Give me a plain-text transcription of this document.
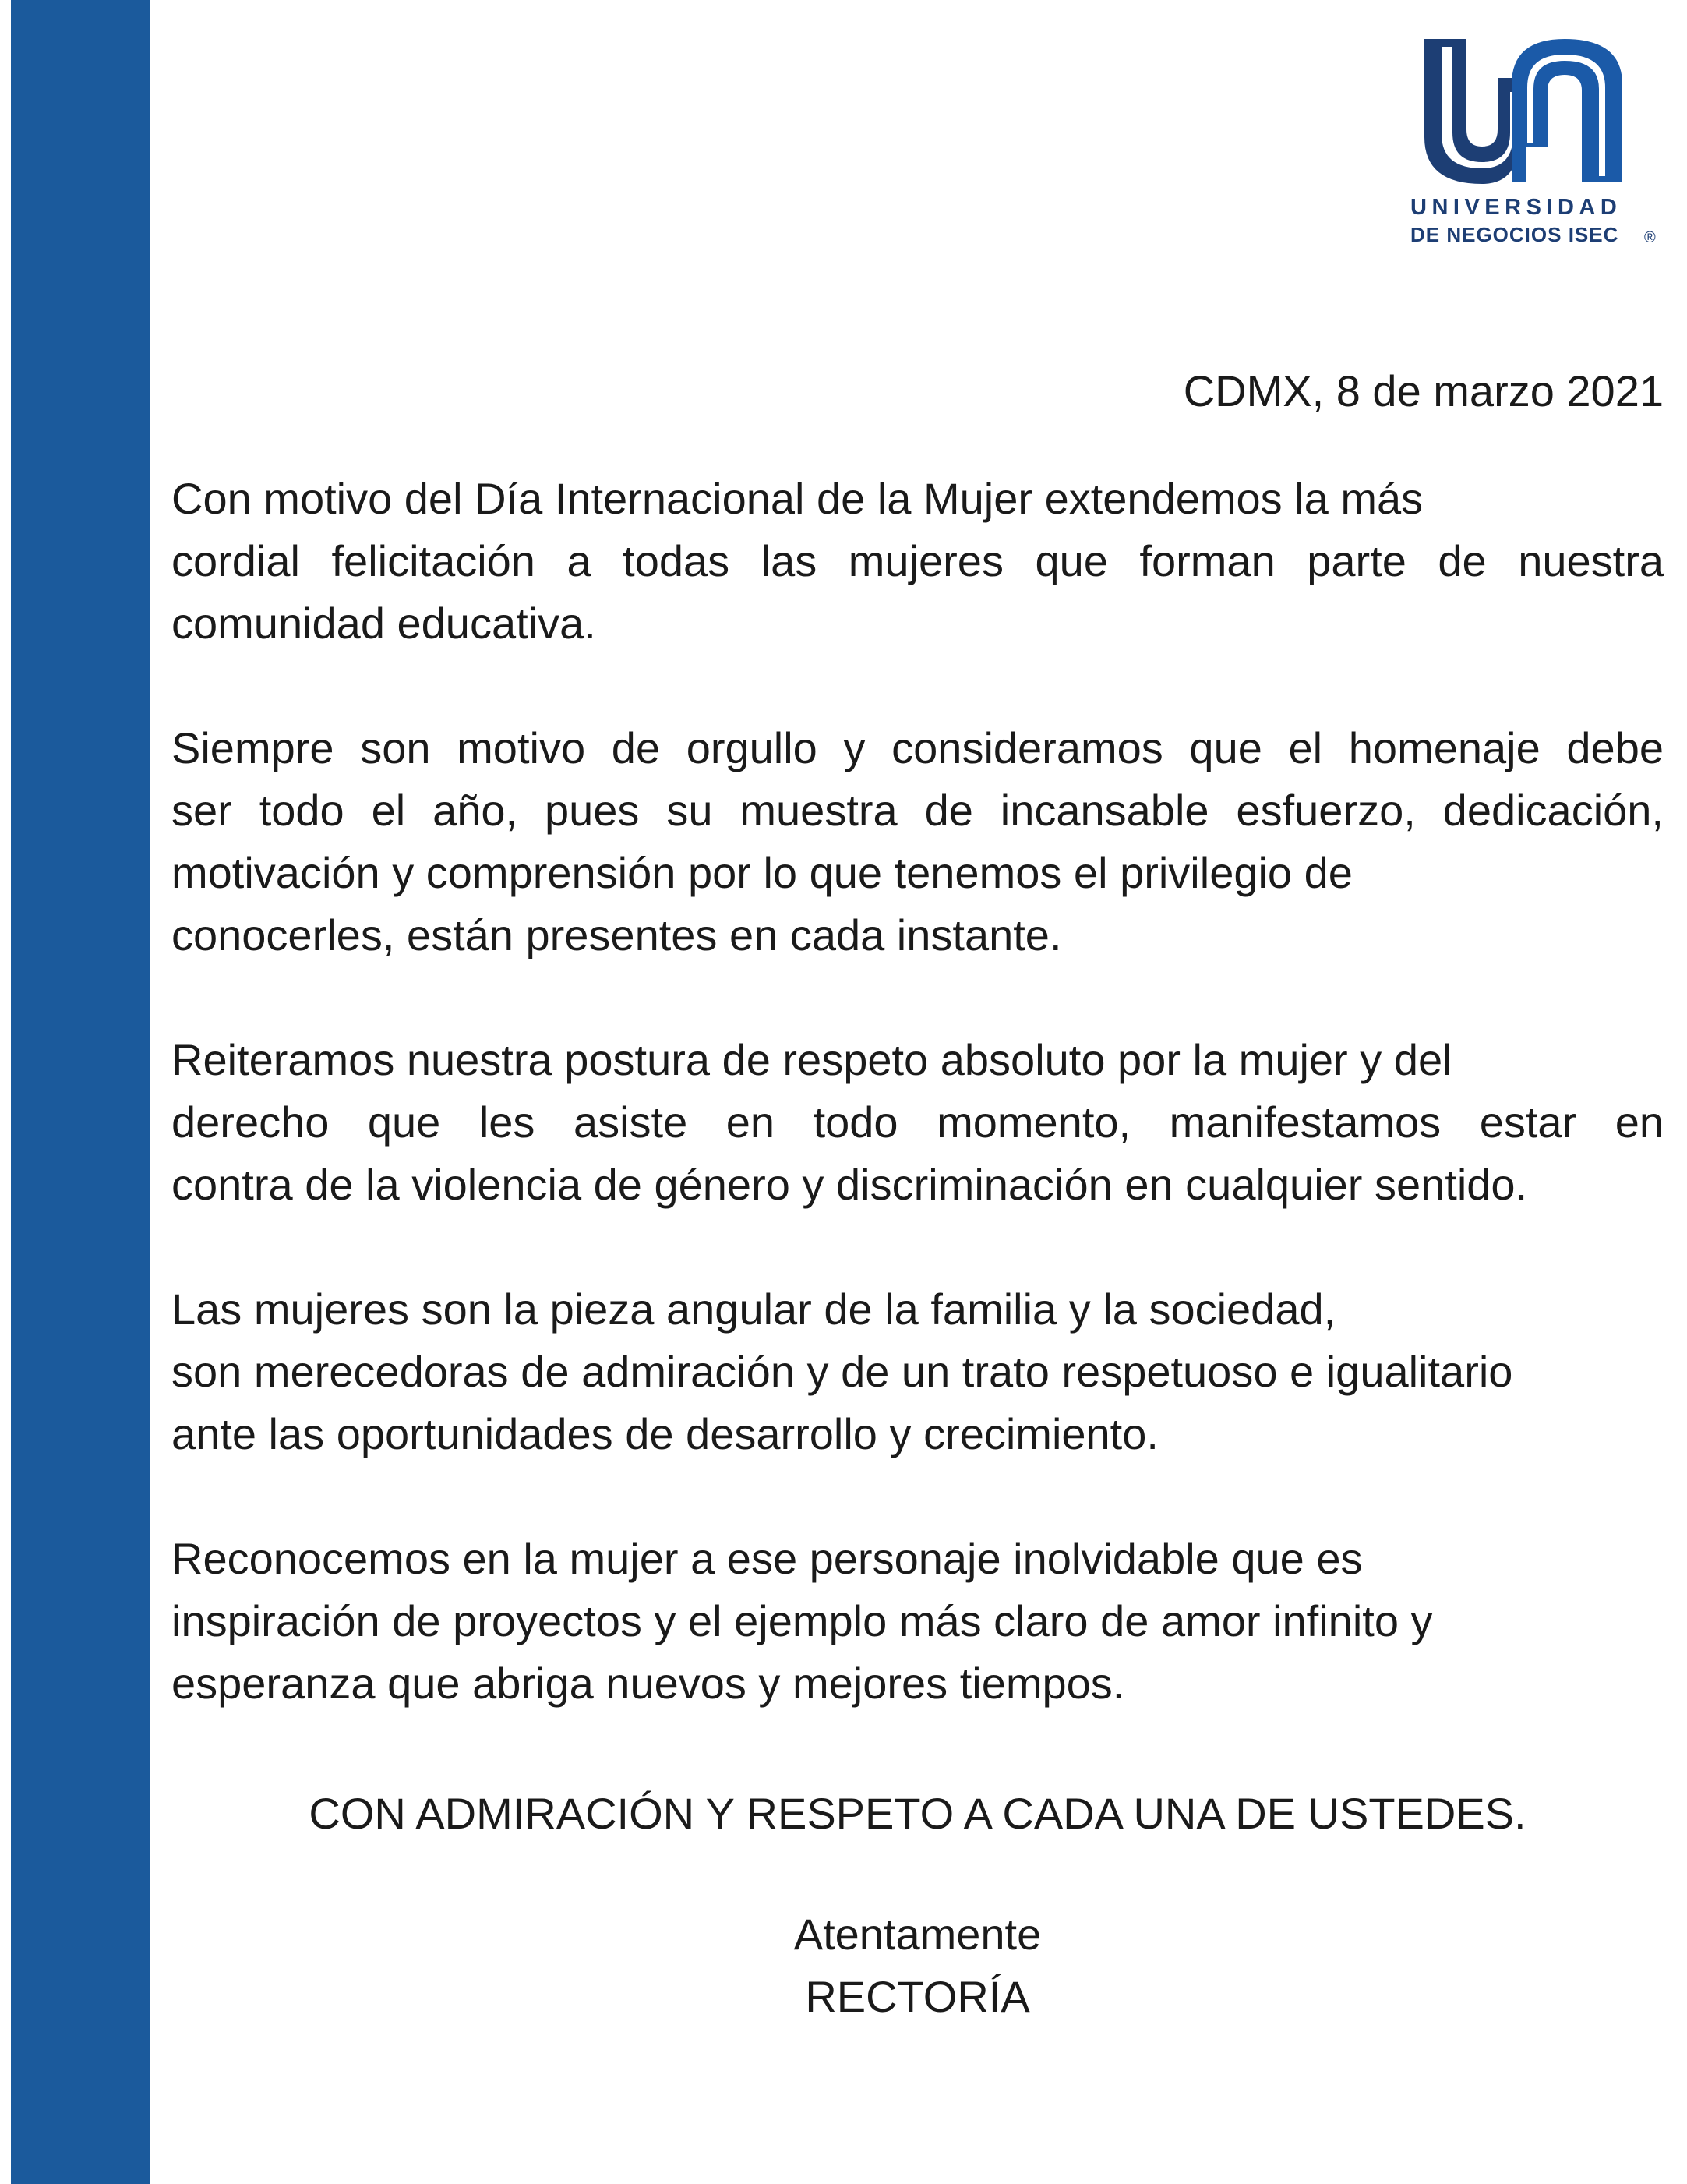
UNIVERSIDAD
DE NEGOCIOS ISEC ®
CDMX, 8 de marzo 2021
Con motivo del Día Internacional de la Mujer extendemos la más
cordial felicitación a todas las mujeres que forman parte de nuestra
comunidad educativa.
Siempre son motivo de orgullo y consideramos que el homenaje debe
ser todo el año, pues su muestra de incansable esfuerzo, dedicación,
motivación y comprensión por lo que tenemos el privilegio de
conocerles, están presentes en cada instante.
Reiteramos nuestra postura de respeto absoluto por la mujer y del
derecho que les asiste en todo momento, manifestamos estar en
contra de la violencia de género y discriminación en cualquier sentido.
Las mujeres son la pieza angular de la familia y la sociedad,
son merecedoras de admiración y de un trato respetuoso e igualitario
ante las oportunidades de desarrollo y crecimiento.
Reconocemos en la mujer a ese personaje inolvidable que es
inspiración de proyectos y el ejemplo más claro de amor infinito y
esperanza que abriga nuevos y mejores tiempos.
CON ADMIRACIÓN Y RESPETO A CADA UNA DE USTEDES.
Atentamente
RECTORÍA
